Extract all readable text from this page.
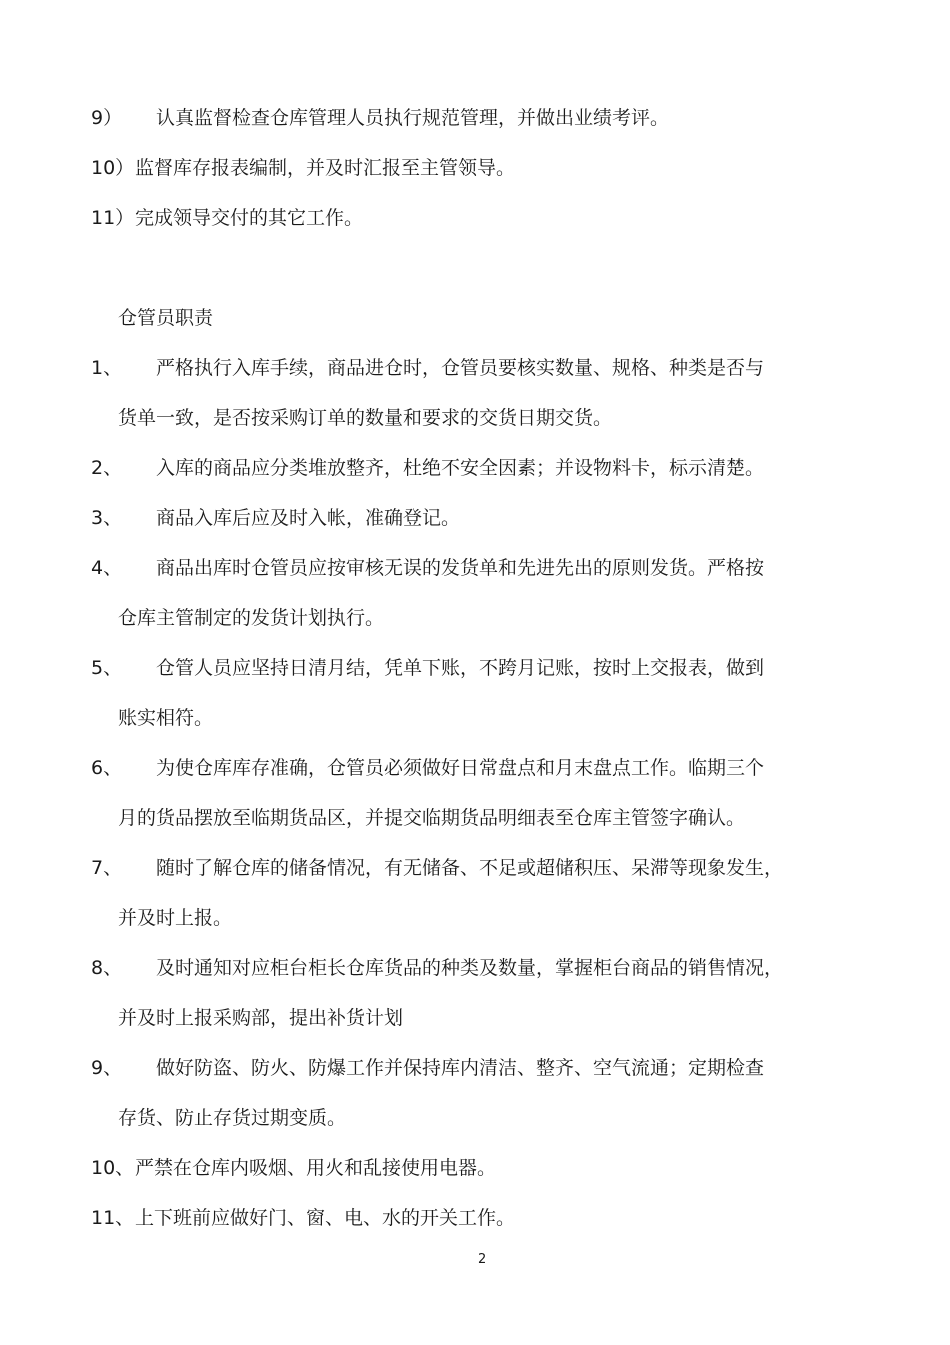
9） 认真监督检查仓库管理人员执行规范管理，并做出业绩考评。
10） 监督库存报表编制，并及时汇报至主管领导。
11） 完成领导交付的其它工作。
仓管员职责
1、 严格执行入库手续，商品进仓时，仓管员要核实数量、规格、种类是否与
货单一致，是否按采购订单的数量和要求的交货日期交货。
2、 入库的商品应分类堆放整齐，杜绝不安全因素；并设物料卡，标示清楚。
3、 商品入库后应及时入帐，准确登记。
4、 商品出库时仓管员应按审核无误的发货单和先进先出的原则发货。严格按
仓库主管制定的发货计划执行。
5、 仓管人员应坚持日清月结，凭单下账，不跨月记账，按时上交报表，做到
账实相符。
6、 为使仓库库存准确，仓管员必须做好日常盘点和月末盘点工作。临期三个
月的货品摆放至临期货品区，并提交临期货品明细表至仓库主管签字确认。
7、 随时了解仓库的储备情况，有无储备、不足或超储积压、呆滞等现象发生，
并及时上报。
8、 及时通知对应柜台柜长仓库货品的种类及数量，掌握柜台商品的销售情况，
并及时上报采购部，提出补货计划
9、 做好防盗、防火、防爆工作并保持库内清洁、整齐、空气流通；定期检查
存货、防止存货过期变质。
10、 严禁在仓库内吸烟、用火和乱接使用电器。
11、 上下班前应做好门、窗、电、水的开关工作。
2
